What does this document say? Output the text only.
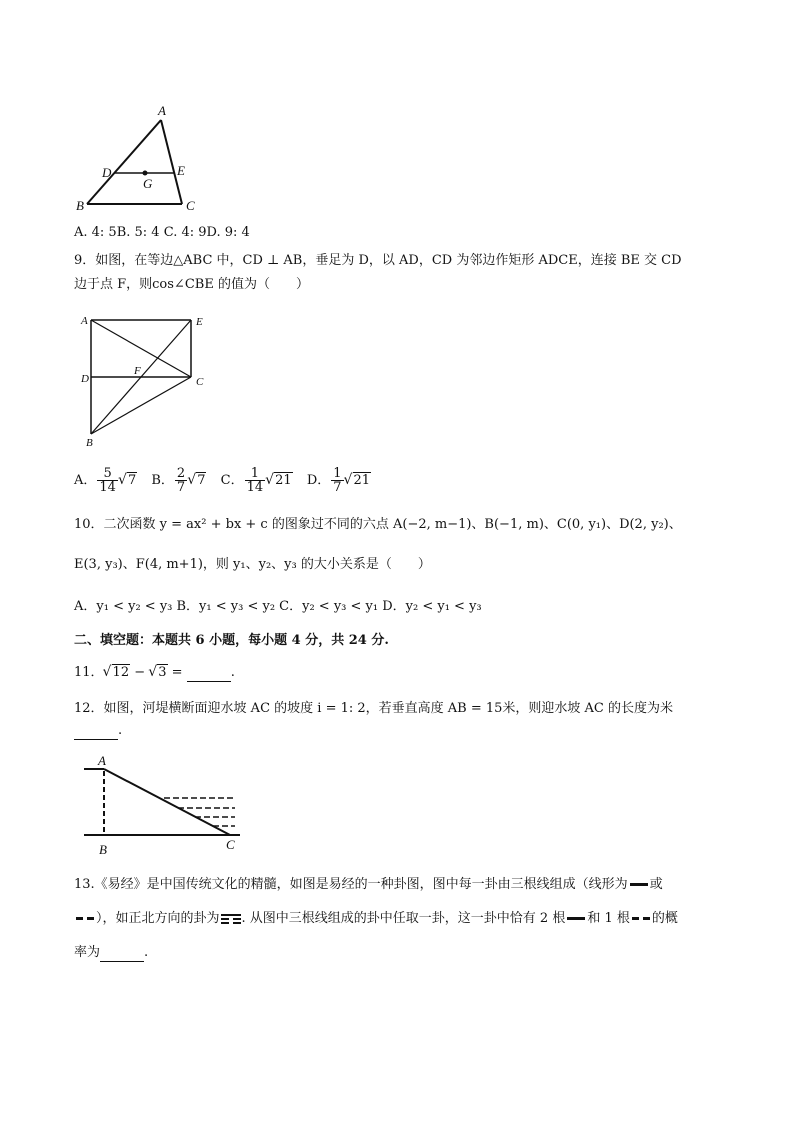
A
D
G
E
B	C
A. 4: 5B. 5: 4 C. 4: 9D. 9: 4
9．如图，在等边△ABC 中，CD ⊥ AB，垂足为 D，以 AD，CD 为邻边作矩形 ADCE，连接 BE 交 CD
边于点 F，则cos∠CBE 的值为（　　）
A	E
D
F
C
B
A． $\frac{5}{14}$ √ 7 B． $\frac{2}{7}$ √ 7 C． $\frac{1}{14}$ √ 21 D． $\frac{1}{7}$ √ 21
10．二次函数 y = ax² + bx + c 的图象过不同的六点 A(−2, m−1)、B(−1, m)、C(0, y₁)、D(2, y₂)、
E(3, y₃)、F(4, m+1)，则 y₁、y₂、y₃ 的大小关系是（　　）
A．y₁ < y₂ < y₃ B．y₁ < y₃ < y₂ C．y₂ < y₃ < y₁ D．y₂ < y₁ < y₃
二、填空题：本题共 6 小题，每小题 4 分，共 24 分.
11． √ 12 − √ 3 =	.
12．如图，河堤横断面迎水坡 AC 的坡度 i = 1: 2，若垂直高度 AB = 15米，则迎水坡 AC 的长度为米
.
A
B	C
13.《易经》是中国传统文化的精髓，如图是易经的一种卦图，图中每一卦由三根线组成（线形为 或
），如正北方向的卦为 . 从图中三根线组成的卦中任取一卦，这一卦中恰有 2 根 和 1 根 的概
率为	.
